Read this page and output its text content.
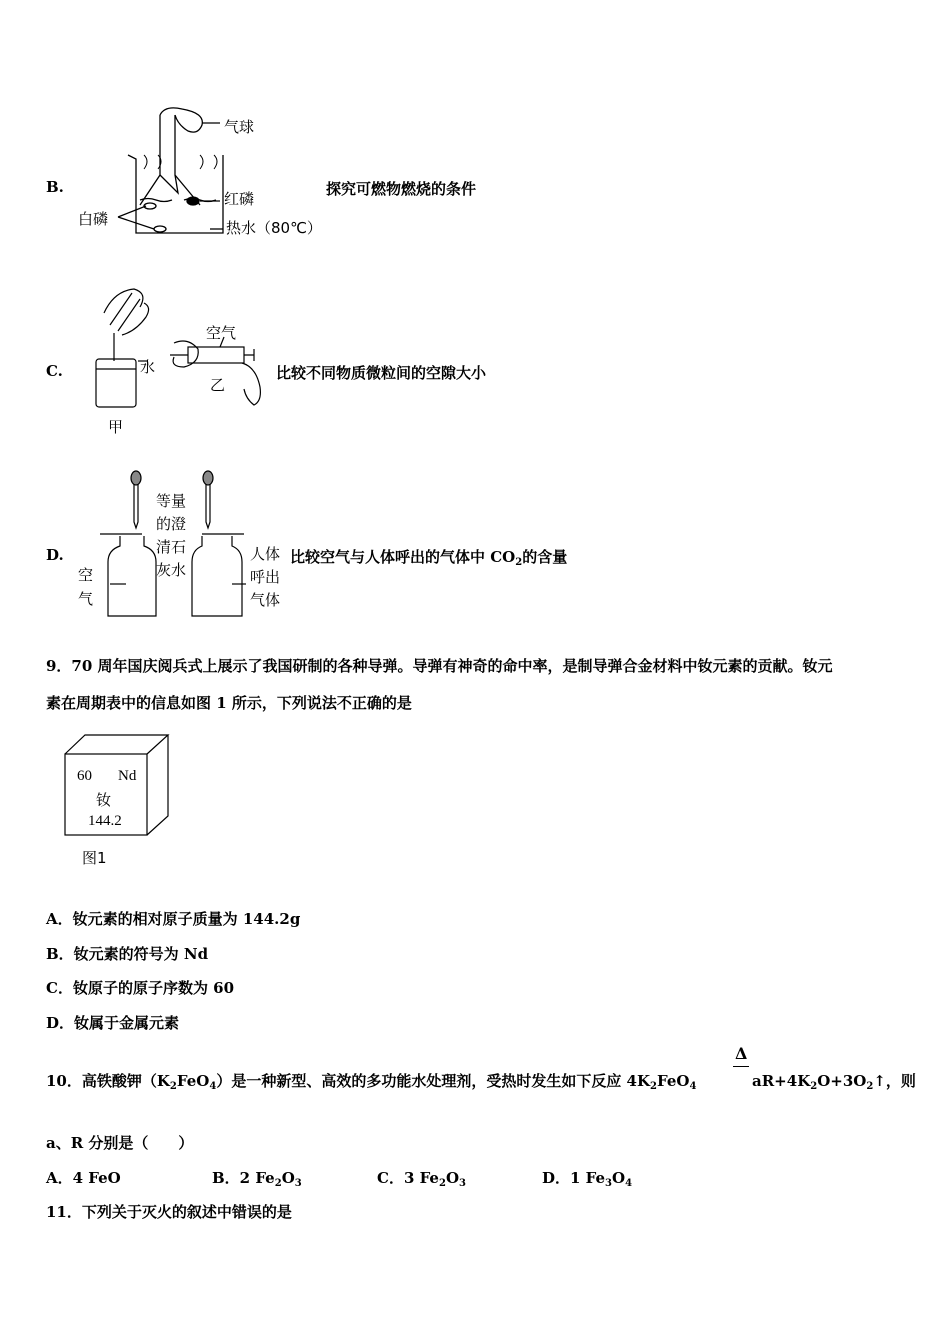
B.
气球
红磷
白磷	热水（80℃）
探究可燃物燃烧的条件
C.
空气
水
乙
甲
比较不同物质微粒间的空隙大小
D.
等量
的澄
清石
灰水
空
气
人体
呼出
气体
比较空气与人体呼出的气体中 $CO_2$的含量
9．70 周年国庆阅兵式上展示了我国研制的各种导弹。导弹有神奇的命中率，是制导弹合金材料中钕元素的贡献。钕元
素在周期表中的信息如图 1 所示，下列说法不正确的是
60 Nd
钕
144.2
图1
A．钕元素的相对原子质量为 144.2g
B．钕元素的符号为 Nd
C．钕原子的原子序数为 60
D．钕属于金属元素
Δ
10．高铁酸钾$(K_2FeO_4)$是一种新型、高效的多功能水处理剂，受热时发生如下反应 $4K_2FeO_4$	$aR+4K_2O+3O_2↑$，则
a、R 分别是（　　）
A．4 FeO	B．2 $Fe_2O_3$	C．3 $Fe_2O_3$	D．1 $Fe_3O_4$
11．下列关于灭火的叙述中错误的是
